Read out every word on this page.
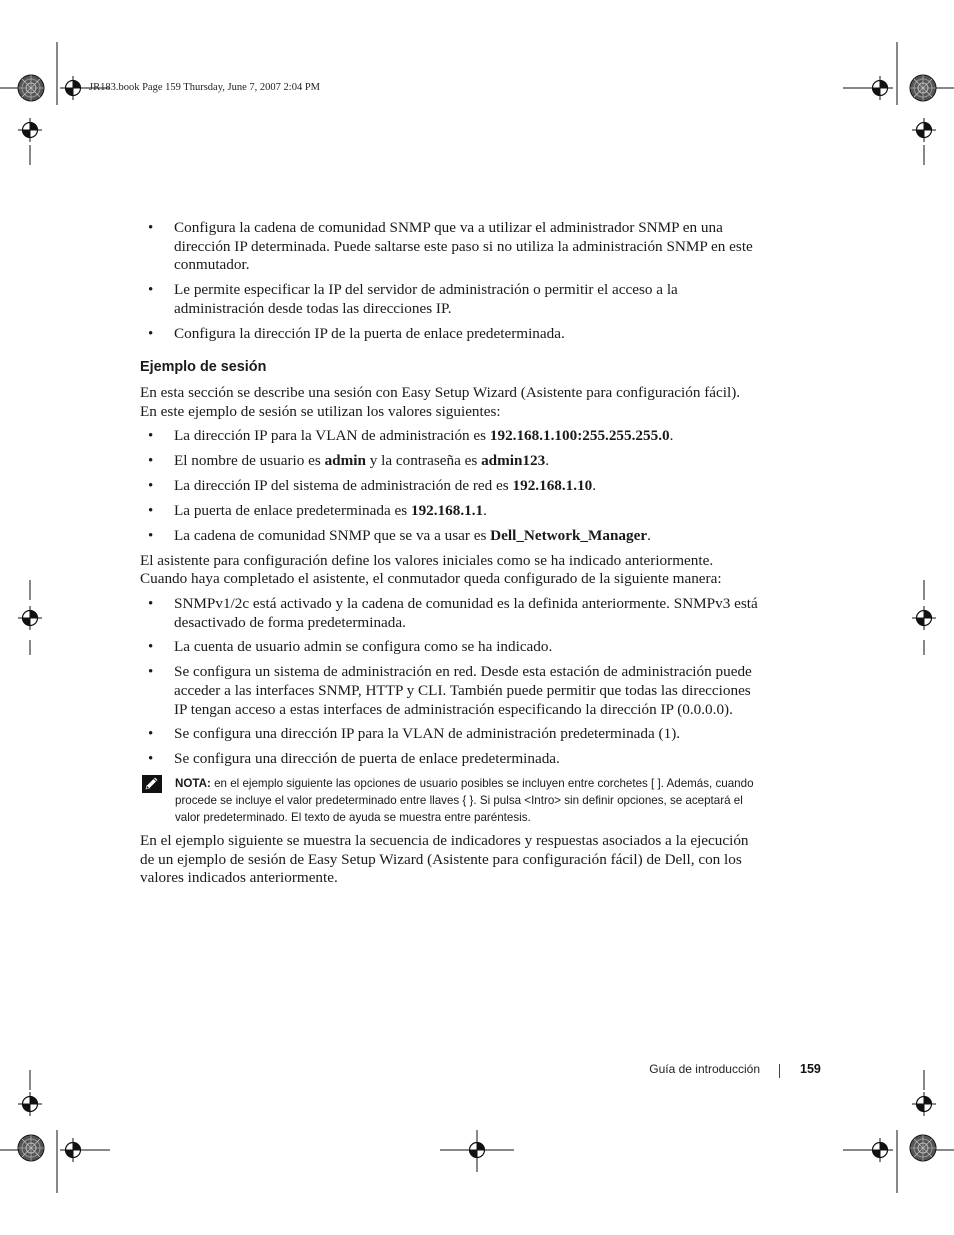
JR183.book Page 159 Thursday, June 7, 2007 2:04 PM

• Configura la cadena de comunidad SNMP que va a utilizar el administrador SNMP en una dirección IP determinada. Puede saltarse este paso si no utiliza la administración SNMP en este conmutador.
• Le permite especificar la IP del servidor de administración o permitir el acceso a la administración desde todas las direcciones IP.
• Configura la dirección IP de la puerta de enlace predeterminada.
Ejemplo de sesión

En esta sección se describe una sesión con Easy Setup Wizard (Asistente para configuración fácil). En este ejemplo de sesión se utilizan los valores siguientes:

• La dirección IP para la VLAN de administración es 192.168.1.100:255.255.255.0.
• El nombre de usuario es admin y la contraseña es admin123.
• La dirección IP del sistema de administración de red es 192.168.1.10.
• La puerta de enlace predeterminada es 192.168.1.1.
• La cadena de comunidad SNMP que se va a usar es Dell_Network_Manager.

El asistente para configuración define los valores iniciales como se ha indicado anteriormente. Cuando haya completado el asistente, el conmutador queda configurado de la siguiente manera:

• SNMPv1/2c está activado y la cadena de comunidad es la definida anteriormente. SNMPv3 está desactivado de forma predeterminada.
• La cuenta de usuario admin se configura como se ha indicado.
• Se configura un sistema de administración en red. Desde esta estación de administración puede acceder a las interfaces SNMP, HTTP y CLI. También puede permitir que todas las direcciones IP tengan acceso a estas interfaces de administración especificando la dirección IP (0.0.0.0).
• Se configura una dirección IP para la VLAN de administración predeterminada (1).
• Se configura una dirección de puerta de enlace predeterminada.
NOTA: en el ejemplo siguiente las opciones de usuario posibles se incluyen entre corchetes [ ]. Además, cuando procede se incluye el valor predeterminado entre llaves { }. Si pulsa <Intro> sin definir opciones, se aceptará el valor predeterminado. El texto de ayuda se muestra entre paréntesis.

En el ejemplo siguiente se muestra la secuencia de indicadores y respuestas asociados a la ejecución de un ejemplo de sesión de Easy Setup Wizard (Asistente para configuración fácil) de Dell, con los valores indicados anteriormente.

Guía de introducción	159
